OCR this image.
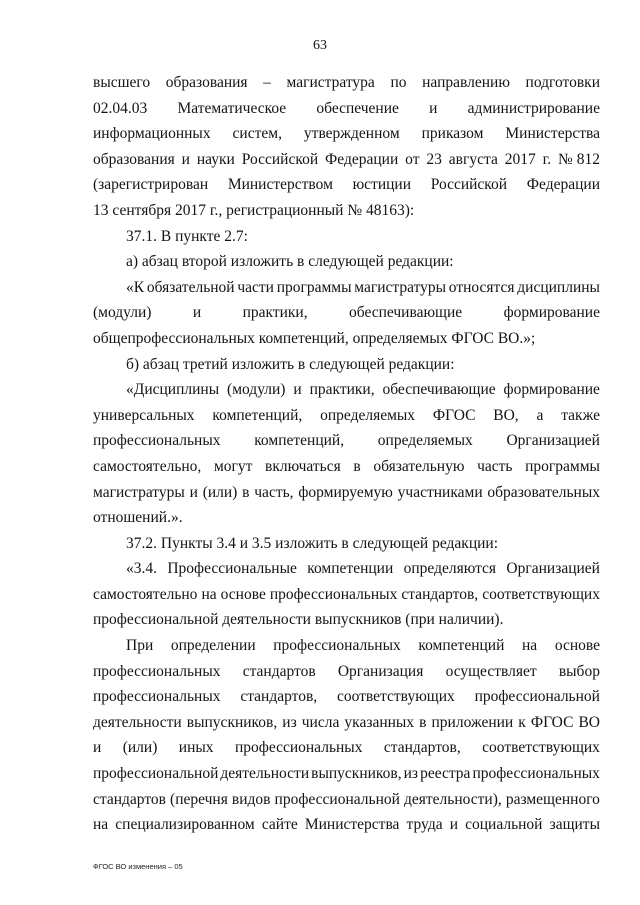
63
высшего образования – магистратура по направлению подготовки
02.04.03 Математическое обеспечение и администрирование
информационных систем, утвержденном приказом Министерства
образования и науки Российской Федерации от 23 августа 2017 г. № 812
(зарегистрирован Министерством юстиции Российской Федерации
13 сентября 2017 г., регистрационный № 48163):
37.1. В пункте 2.7:
а) абзац второй изложить в следующей редакции:
«К обязательной части программы магистратуры относятся дисциплины
(модули)	и	практики,	обеспечивающие	формирование
общепрофессиональных компетенций, определяемых ФГОС ВО.»;
б) абзац третий изложить в следующей редакции:
«Дисциплины (модули) и практики, обеспечивающие формирование
универсальных компетенций, определяемых ФГОС ВО, а также
профессиональных компетенций, определяемых Организацией
самостоятельно, могут включаться в обязательную часть программы
магистратуры и (или) в часть, формируемую участниками образовательных
отношений.».
37.2. Пункты 3.4 и 3.5 изложить в следующей редакции:
«3.4. Профессиональные компетенции определяются Организацией
самостоятельно на основе профессиональных стандартов, соответствующих
профессиональной деятельности выпускников (при наличии).
При определении профессиональных компетенций на основе
профессиональных стандартов Организация осуществляет выбор
профессиональных стандартов, соответствующих профессиональной
деятельности выпускников, из числа указанных в приложении к ФГОС ВО
и (или) иных профессиональных стандартов, соответствующих
профессиональной деятельности выпускников, из реестра профессиональных
стандартов (перечня видов профессиональной деятельности), размещенного
на специализированном сайте Министерства труда и социальной защиты
ФГОС ВО изменения – 05
